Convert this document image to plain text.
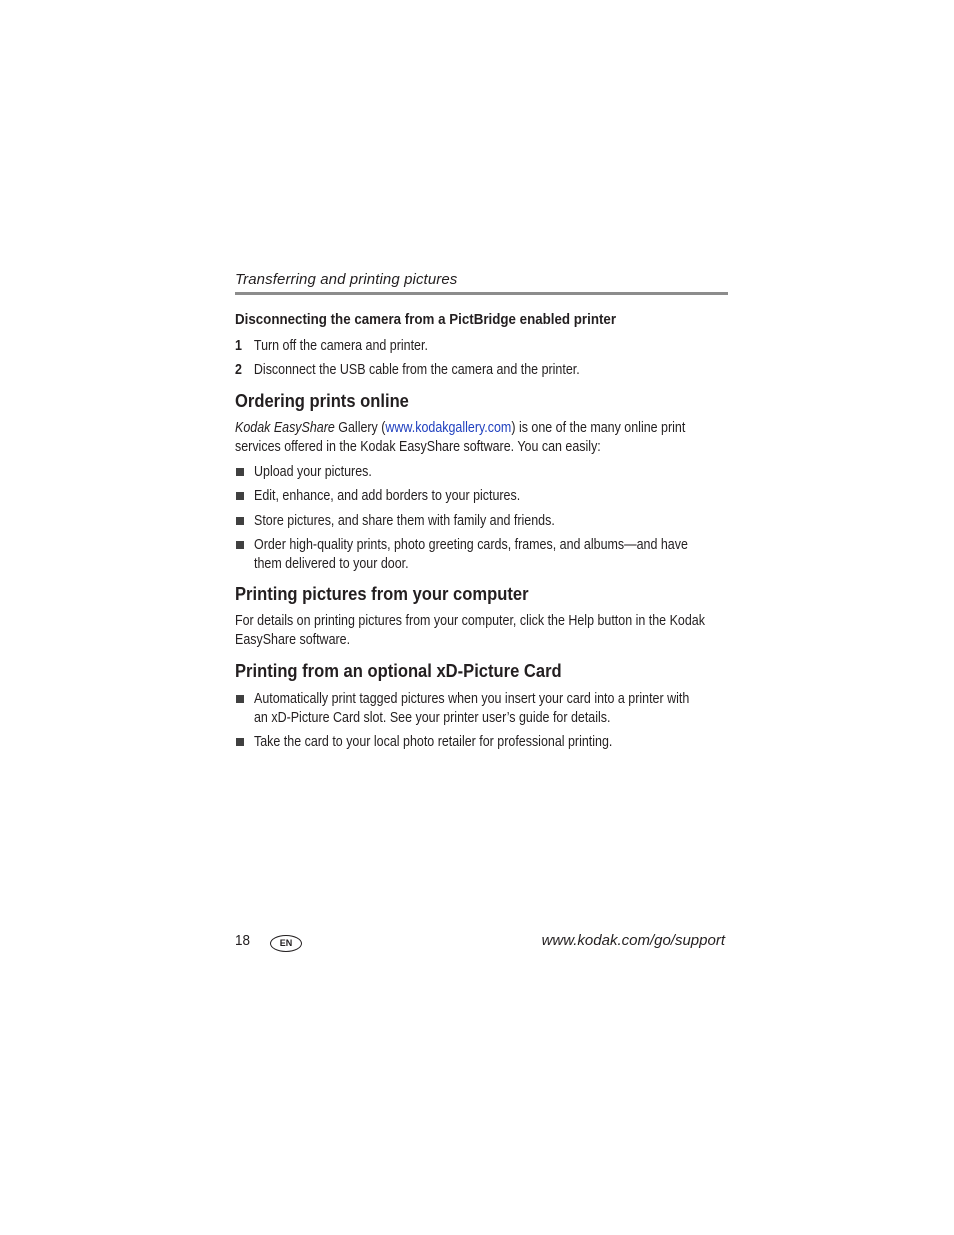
Transferring and printing pictures
Disconnecting the camera from a PictBridge enabled printer
1 Turn off the camera and printer.
2 Disconnect the USB cable from the camera and the printer.
Ordering prints online
Kodak EasyShare Gallery (www.kodakgallery.com) is one of the many online print
services offered in the Kodak EasyShare software. You can easily:
Upload your pictures.
Edit, enhance, and add borders to your pictures.
Store pictures, and share them with family and friends.
Order high-quality prints, photo greeting cards, frames, and albums—and have
them delivered to your door.
Printing pictures from your computer
For details on printing pictures from your computer, click the Help button in the Kodak
EasyShare software.
Printing from an optional xD-Picture Card
Automatically print tagged pictures when you insert your card into a printer with
an xD-Picture Card slot. See your printer user’s guide for details.
Take the card to your local photo retailer for professional printing.
18	EN	www.kodak.com/go/support
